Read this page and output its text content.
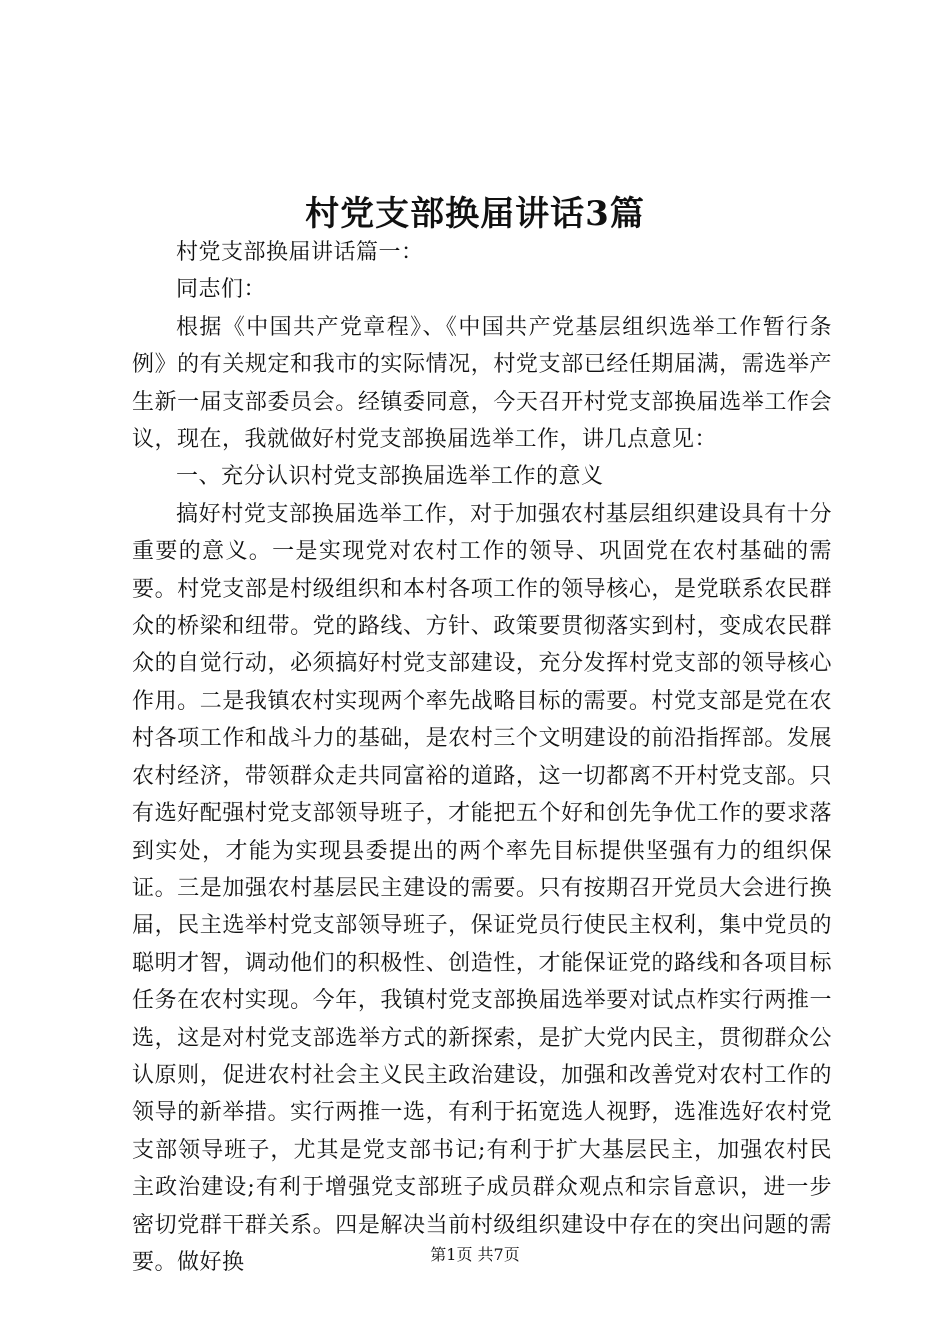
村党支部换届讲话3篇

村党支部换届讲话篇一：

同志们：

根据《中国共产党章程》、《中国共产党基层组织选举工作暂行条例》的有关规定和我市的实际情况，村党支部已经任期届满，需选举产生新一届支部委员会。经镇委同意，今天召开村党支部换届选举工作会议，现在，我就做好村党支部换届选举工作，讲几点意见：

一、充分认识村党支部换届选举工作的意义

搞好村党支部换届选举工作，对于加强农村基层组织建设具有十分重要的意义。一是实现党对农村工作的领导、巩固党在农村基础的需要。村党支部是村级组织和本村各项工作的领导核心，是党联系农民群众的桥梁和纽带。党的路线、方针、政策要贯彻落实到村，变成农民群众的自觉行动，必须搞好村党支部建设，充分发挥村党支部的领导核心作用。二是我镇农村实现两个率先战略目标的需要。村党支部是党在农村各项工作和战斗力的基础，是农村三个文明建设的前沿指挥部。发展农村经济，带领群众走共同富裕的道路，这一切都离不开村党支部。只有选好配强村党支部领导班子，才能把五个好和创先争优工作的要求落到实处，才能为实现县委提出的两个率先目标提供坚强有力的组织保证。三是加强农村基层民主建设的需要。只有按期召开党员大会进行换届，民主选举村党支部领导班子，保证党员行使民主权利，集中党员的聪明才智，调动他们的积极性、创造性，才能保证党的路线和各项目标任务在农村实现。今年，我镇村党支部换届选举要对试点柞实行两推一选，这是对村党支部选举方式的新探索，是扩大党内民主，贯彻群众公认原则，促进农村社会主义民主政治建设，加强和改善党对农村工作的领导的新举措。实行两推一选，有利于拓宽选人视野，选准选好农村党支部领导班子，尤其是党支部书记;有利于扩大基层民主，加强农村民主政治建设;有利于增强党支部班子成员群众观点和宗旨意识，进一步密切党群干群关系。四是解决当前村级组织建设中存在的突出问题的需要。做好换	第1页 共7页
